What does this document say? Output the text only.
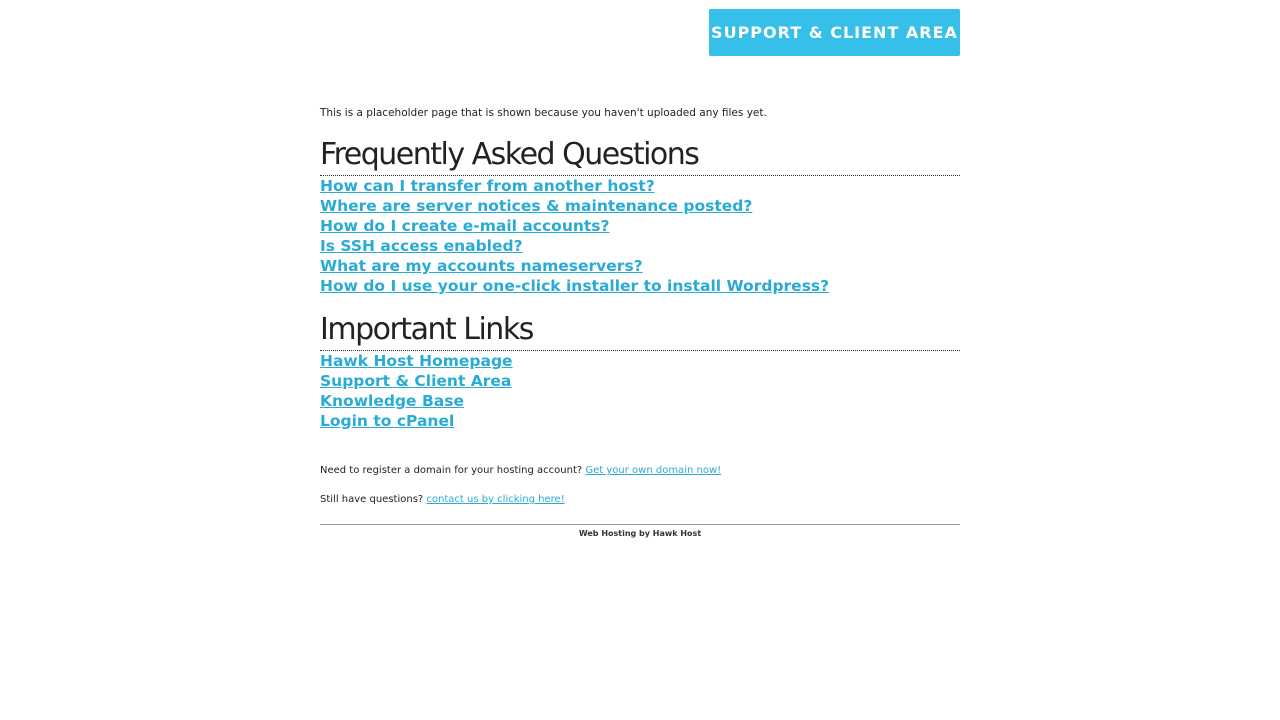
SUPPORT & CLIENT AREA

This is a placeholder page that is shown because you haven't uploaded any files yet.

Frequently Asked Questions
How can I transfer from another host?
Where are server notices & maintenance posted?
How do I create e-mail accounts?
Is SSH access enabled?
What are my accounts nameservers?
How do I use your one-click installer to install Wordpress?
Important Links
Hawk Host Homepage
Support & Client Area
Knowledge Base
Login to cPanel

Need to register a domain for your hosting account? Get your own domain now!

Still have questions? contact us by clicking here!

Web Hosting by Hawk Host
